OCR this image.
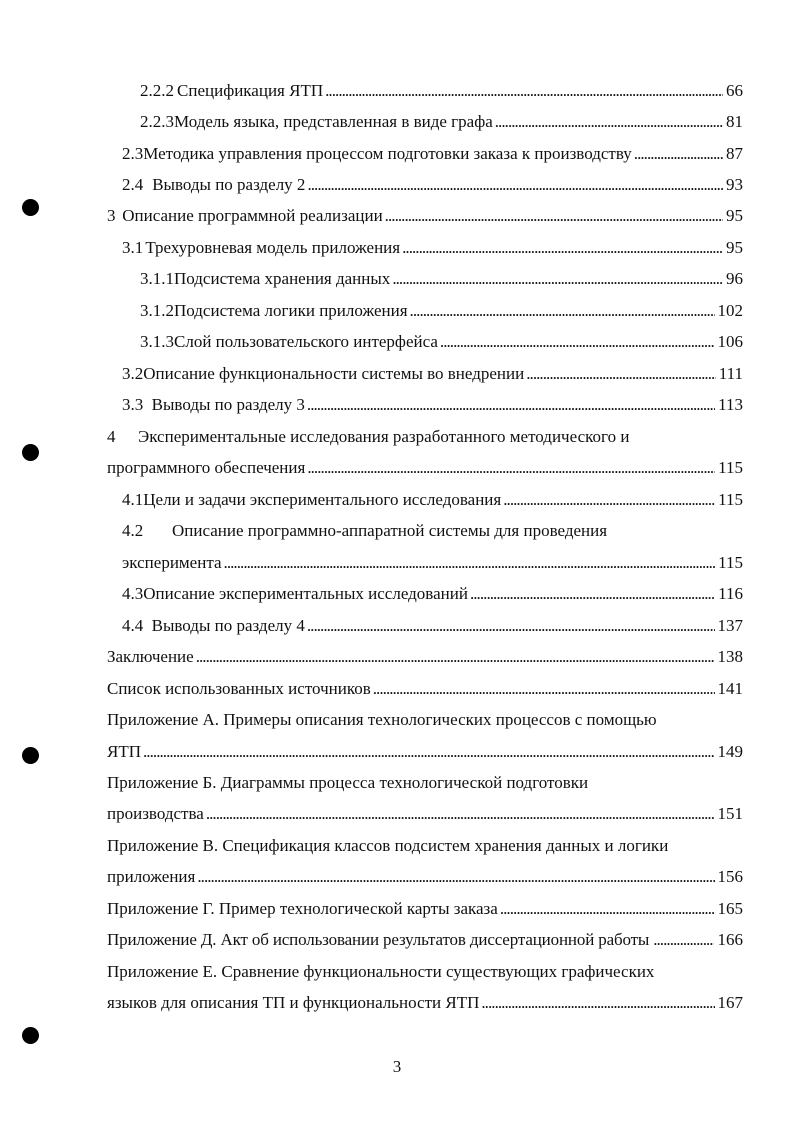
2.2.2 Спецификация ЯТП . . .	66
2.2.3 Модель языка, представленная в виде графа . . .	81
2.3 Методика управления процессом подготовки заказа к производству . . .	87
2.4 Выводы по разделу 2 . . .	93
3 Описание программной реализации . . .	95
3.1 Трехуровневая модель приложения . . .	95
3.1.1 Подсистема хранения данных . . .	96
3.1.2 Подсистема логики приложения . . .	102
3.1.3 Слой пользовательского интерфейса . . .	106
3.2 Описание функциональности системы во внедрении . . .	111
3.3 Выводы по разделу 3 . . .	113
4 Экспериментальные исследования разработанного методического и
программного обеспечения . . .	115
4.1 Цели и задачи экспериментального исследования . . .	115
4.2 Описание программно-аппаратной системы для проведения
эксперимента . . .	115
4.3 Описание экспериментальных исследований . . .	116
4.4 Выводы по разделу 4 . . .	137
Заключение . . .	138
Список использованных источников . . .	141
Приложение А. Примеры описания технологических процессов с помощью
ЯТП . . .	149
Приложение Б. Диаграммы процесса технологической подготовки
производства . . .	151
Приложение В. Спецификация классов подсистем хранения данных и логики
приложения . . .	156
Приложение Г. Пример технологической карты заказа . . .	165
Приложение Д. Акт об использовании результатов диссертационной работы . . .	166
Приложение Е. Сравнение функциональности существующих графических
языков для описания ТП и функциональности ЯТП . . .	167
3
